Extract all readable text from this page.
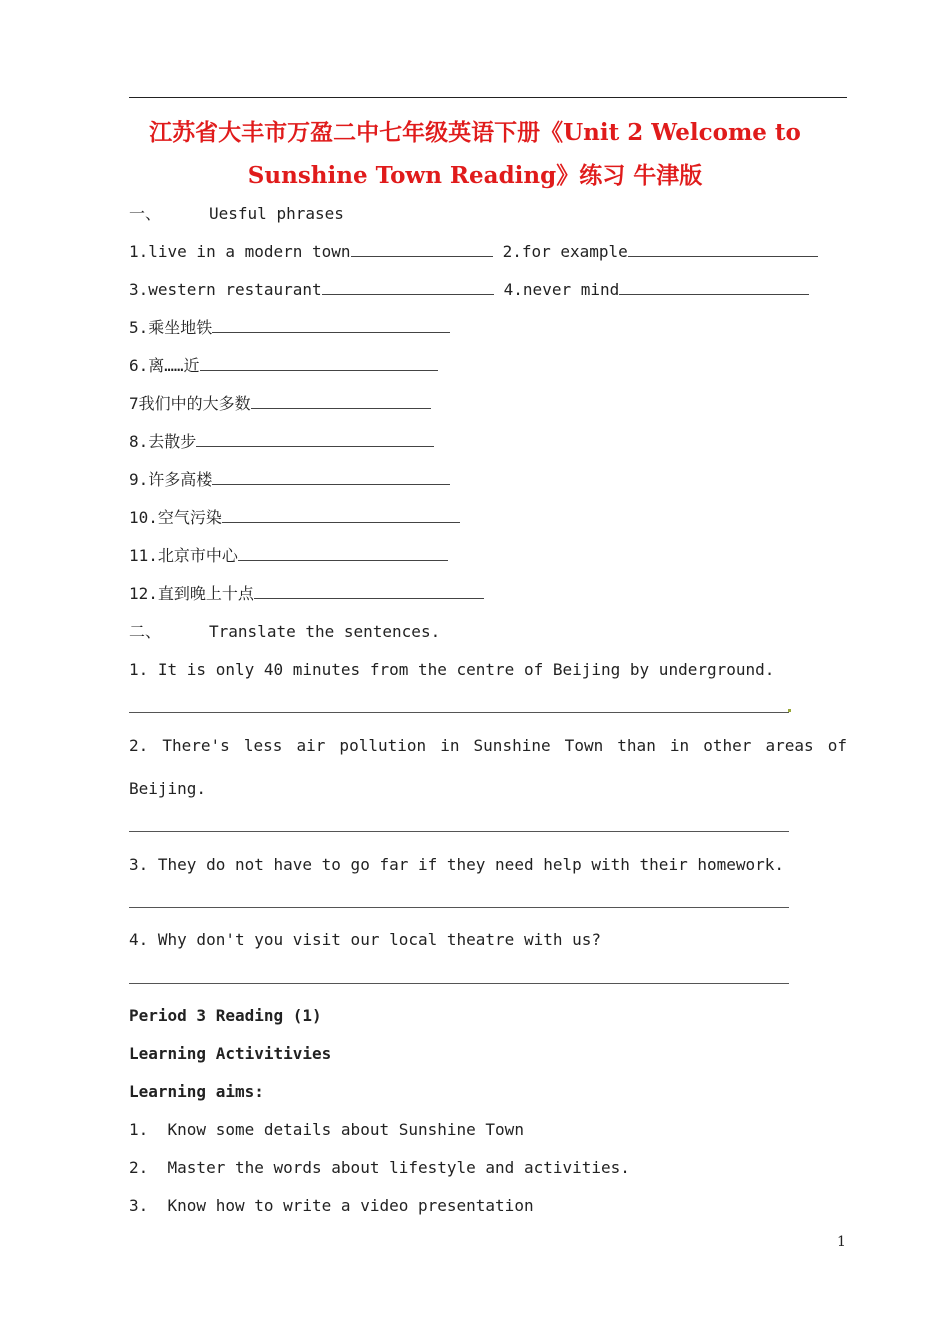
江苏省大丰市万盈二中七年级英语下册《Unit 2 Welcome to
Sunshine Town Reading》练习 牛津版
一、	Uesful phrases
1.live in a modern town	2.for example
3.western restaurant	4.never mind
5.乘坐地铁
6.离……近
7我们中的大多数
8.去散步
9.许多高楼
10.空气污染
11.北京市中心
12.直到晚上十点
二、	Translate the sentences.
1. It is only 40 minutes from the centre of Beijing by underground.
2. There's less air pollution in Sunshine Town than in other areas of
Beijing.
3. They do not have to go far if they need help with their homework.
4. Why don't you visit our local theatre with us?
Period 3 Reading (1)
Learning Activitivies
Learning aims:
1.  Know some details about Sunshine Town
2.  Master the words about lifestyle and activities.
3.  Know how to write a video presentation
1
